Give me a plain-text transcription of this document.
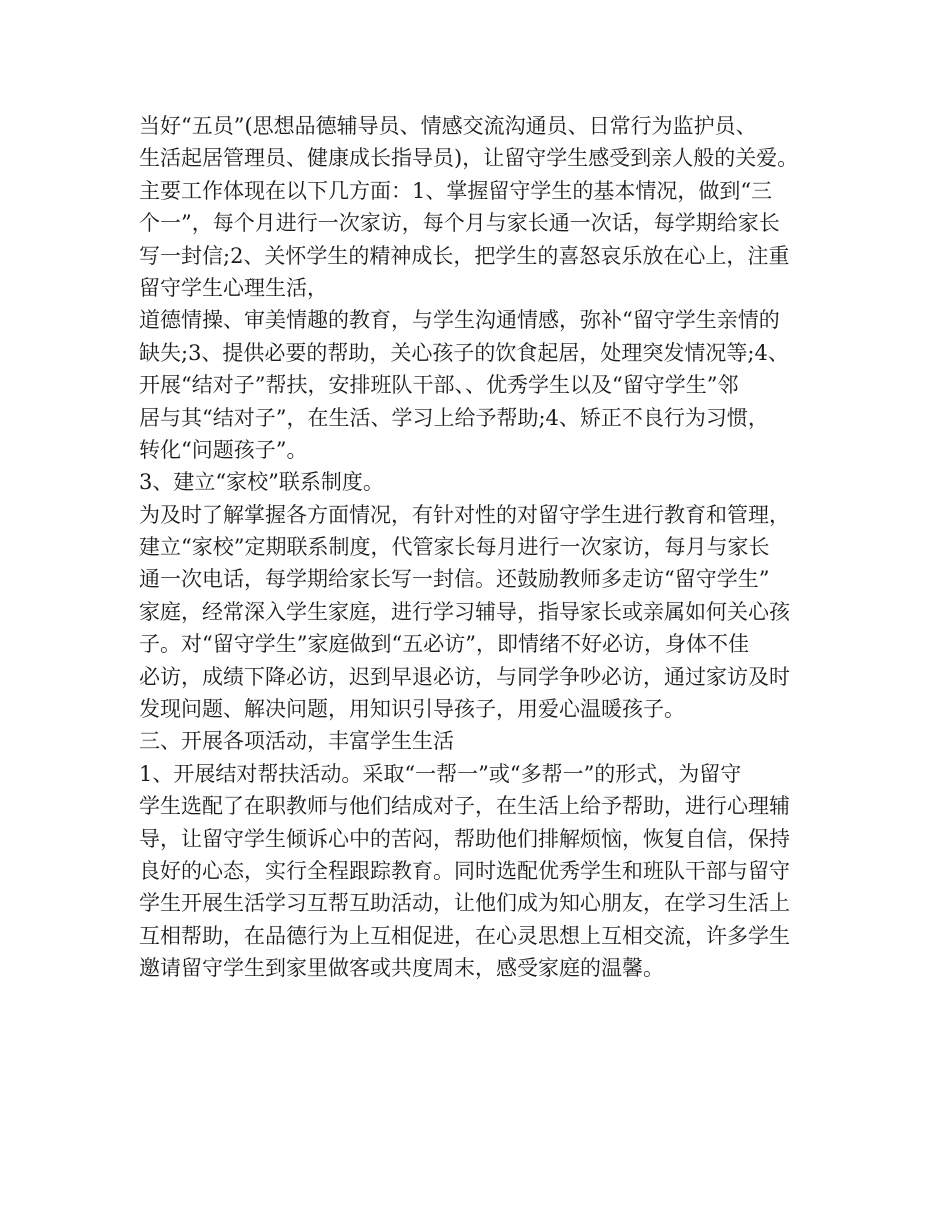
当好“五员”(思想品德辅导员、情感交流沟通员、日常行为监护员、
生活起居管理员、健康成长指导员)，让留守学生感受到亲人般的关爱。
主要工作体现在以下几方面：1、掌握留守学生的基本情况，做到“三
个一”，每个月进行一次家访，每个月与家长通一次话，每学期给家长
写一封信;2、关怀学生的精神成长，把学生的喜怒哀乐放在心上，注重
留守学生心理生活，
道德情操、审美情趣的教育，与学生沟通情感，弥补“留守学生亲情的
缺失;3、提供必要的帮助，关心孩子的饮食起居，处理突发情况等;4、
开展“结对子”帮扶，安排班队干部、、优秀学生以及“留守学生”邻
居与其“结对子”，在生活、学习上给予帮助;4、矫正不良行为习惯，
转化“问题孩子”。
3、建立“家校”联系制度。
为及时了解掌握各方面情况，有针对性的对留守学生进行教育和管理，
建立“家校”定期联系制度，代管家长每月进行一次家访，每月与家长
通一次电话，每学期给家长写一封信。还鼓励教师多走访“留守学生”
家庭，经常深入学生家庭，进行学习辅导，指导家长或亲属如何关心孩
子。对“留守学生”家庭做到“五必访”，即情绪不好必访，身体不佳
必访，成绩下降必访，迟到早退必访，与同学争吵必访，通过家访及时
发现问题、解决问题，用知识引导孩子，用爱心温暖孩子。
三、开展各项活动，丰富学生生活
1、开展结对帮扶活动。采取“一帮一”或“多帮一”的形式，为留守
学生选配了在职教师与他们结成对子，在生活上给予帮助，进行心理辅
导，让留守学生倾诉心中的苦闷，帮助他们排解烦恼，恢复自信，保持
良好的心态，实行全程跟踪教育。同时选配优秀学生和班队干部与留守
学生开展生活学习互帮互助活动，让他们成为知心朋友，在学习生活上
互相帮助，在品德行为上互相促进，在心灵思想上互相交流，许多学生
邀请留守学生到家里做客或共度周末，感受家庭的温馨。
